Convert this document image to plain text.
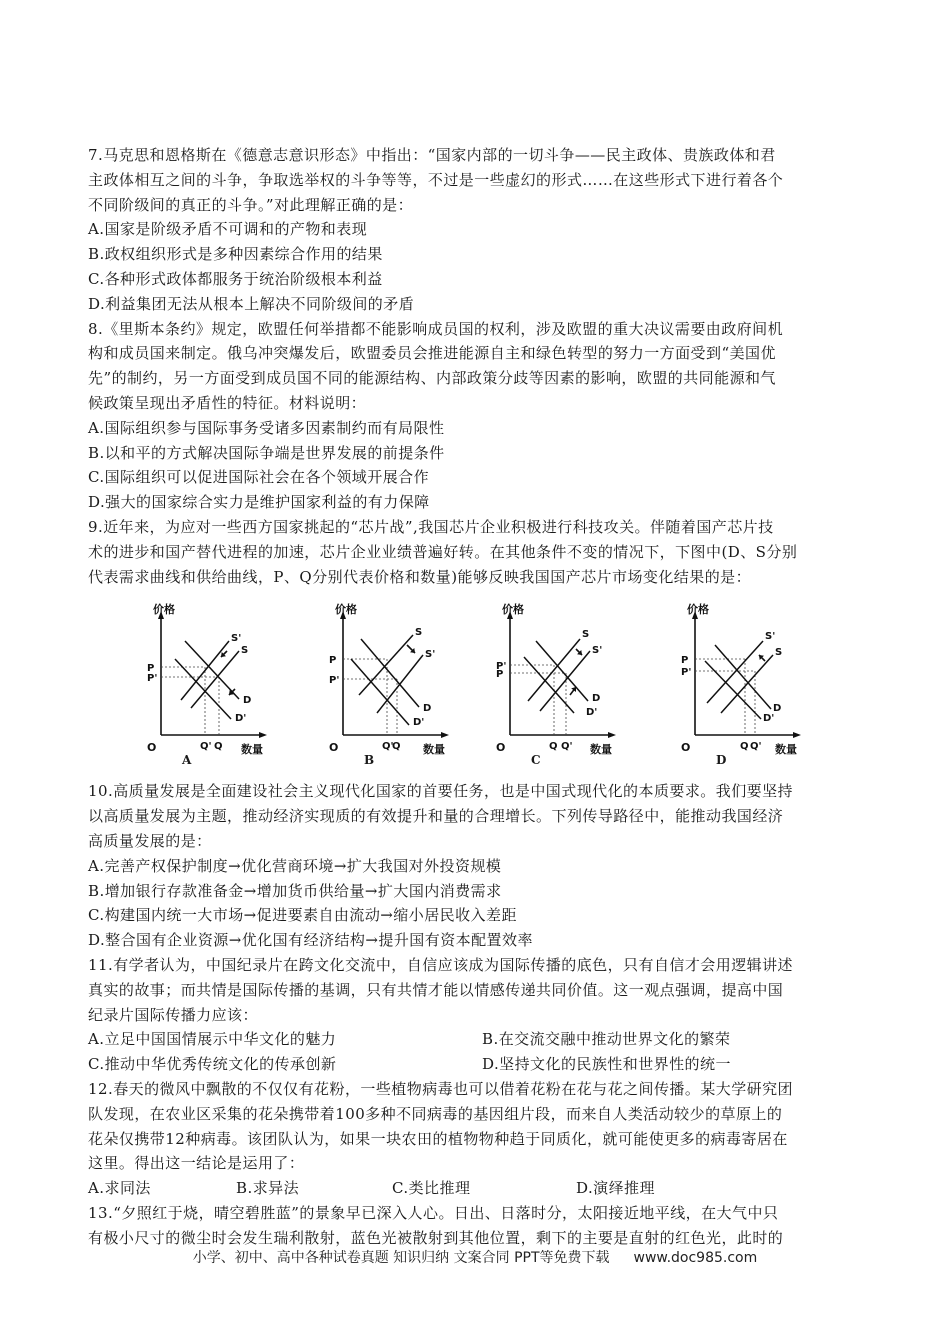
7.马克思和恩格斯在《德意志意识形态》中指出：“国家内部的一切斗争——民主政体、贵族政体和君
主政体相互之间的斗争，争取选举权的斗争等等，不过是一些虚幻的形式……在这些形式下进行着各个
不同阶级间的真正的斗争。”对此理解正确的是：
A.国家是阶级矛盾不可调和的产物和表现
B.政权组织形式是多种因素综合作用的结果
C.各种形式政体都服务于统治阶级根本利益
D.利益集团无法从根本上解决不同阶级间的矛盾
8.《里斯本条约》规定，欧盟任何举措都不能影响成员国的权利，涉及欧盟的重大决议需要由政府间机
构和成员国来制定。俄乌冲突爆发后，欧盟委员会推进能源自主和绿色转型的努力一方面受到“美国优
先”的制约，另一方面受到成员国不同的能源结构、内部政策分歧等因素的影响，欧盟的共同能源和气
候政策呈现出矛盾性的特征。材料说明：
A.国际组织参与国际事务受诸多因素制约而有局限性
B.以和平的方式解决国际争端是世界发展的前提条件
C.国际组织可以促进国际社会在各个领域开展合作
D.强大的国家综合实力是维护国家利益的有力保障
9.近年来，为应对一些西方国家挑起的“芯片战”,我国芯片企业积极进行科技攻关。伴随着国产芯片技
术的进步和国产替代进程的加速，芯片企业业绩普遍好转。在其他条件不变的情况下，下图中(D、S分别
代表需求曲线和供给曲线，P、Q分别代表价格和数量)能够反映我国国产芯片市场变化结果的是：
价格
数量
O
P
P'
Q' Q
S'
S
D
D'
A
价格
数量
O
P
P'
Q'
Q
S
S'
D
D'
B
价格
数量
O
P'
P
Q Q'
S
S'
D'
D
C
价格
数量
O
P
P'
Q Q'
S'
S
D'
D
D
10.高质量发展是全面建设社会主义现代化国家的首要任务，也是中国式现代化的本质要求。我们要坚持
以高质量发展为主题，推动经济实现质的有效提升和量的合理增长。下列传导路径中，能推动我国经济
高质量发展的是：
A.完善产权保护制度→优化营商环境→扩大我国对外投资规模
B.增加银行存款准备金→增加货币供给量→扩大国内消费需求
C.构建国内统一大市场→促进要素自由流动→缩小居民收入差距
D.整合国有企业资源→优化国有经济结构→提升国有资本配置效率
11.有学者认为，中国纪录片在跨文化交流中，自信应该成为国际传播的底色，只有自信才会用逻辑讲述
真实的故事；而共情是国际传播的基调，只有共情才能以情感传递共同价值。这一观点强调，提高中国
纪录片国际传播力应该：
A.立足中国国情展示中华文化的魅力	B.在交流交融中推动世界文化的繁荣
C.推动中华优秀传统文化的传承创新	D.坚持文化的民族性和世界性的统一
12.春天的微风中飘散的不仅仅有花粉，一些植物病毒也可以借着花粉在花与花之间传播。某大学研究团
队发现，在农业区采集的花朵携带着100多种不同病毒的基因组片段，而来自人类活动较少的草原上的
花朵仅携带12种病毒。该团队认为，如果一块农田的植物物种趋于同质化，就可能使更多的病毒寄居在
这里。得出这一结论是运用了：
A.求同法	B.求异法	C.类比推理	D.演绎推理
13.“夕照红于烧，晴空碧胜蓝”的景象早已深入人心。日出、日落时分，太阳接近地平线，在大气中只
有极小尺寸的微尘时会发生瑞利散射，蓝色光被散射到其他位置，剩下的主要是直射的红色光，此时的
小学、初中、高中各种试卷真题 知识归纳 文案合同 PPT等免费下载 www.doc985.com
